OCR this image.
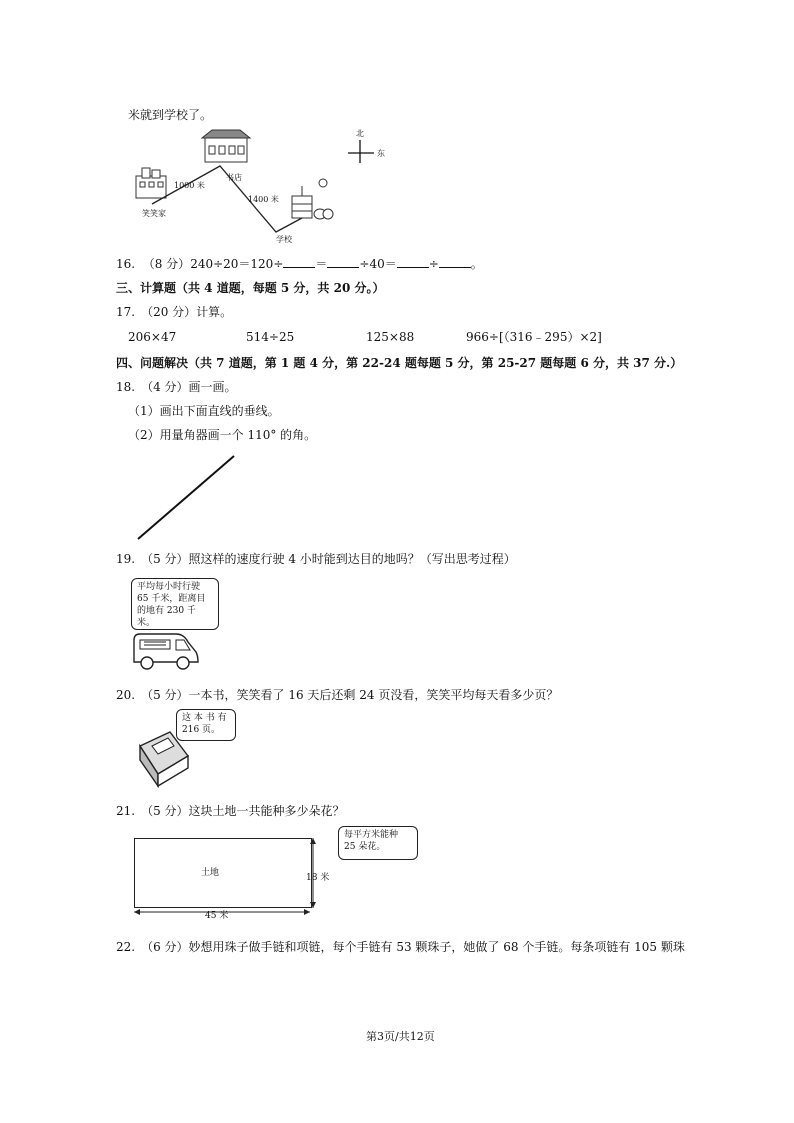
米就到学校了。
北
东
书店
1000 米
1400 米
笑笑家
学校
16. （8 分）240÷20＝120÷	＝	÷40＝	÷	。
三、计算题（共 4 道题，每题 5 分，共 20 分。）
17.　（20 分）计算。
206×47	514÷25	125×88	966÷[（316﹣295）×2]
四、问题解决（共 7 道题，第 1 题 4 分，第 22-24 题每题 5 分，第 25-27 题每题 6 分，共 37 分.）
18.　（4 分）画一画。
（1）画出下面直线的垂线。
（2）用量角器画一个 110° 的角。
19.　（5 分）照这样的速度行驶 4 小时能到达目的地吗？（写出思考过程）
平均每小时行驶 65 千米，距离目的地有 230 千米。
20.　（5 分）一本书，笑笑看了 16 天后还剩 24 页没看，笑笑平均每天看多少页？
这 本 书 有 216 页。
21.　（5 分）这块土地一共能种多少朵花？
土地	18 米
45 米
每平方米能种 25 朵花。
22.　（6 分）妙想用珠子做手链和项链，每个手链有 53 颗珠子，她做了 68 个手链。每条项链有 105 颗珠
第3页/共12页
